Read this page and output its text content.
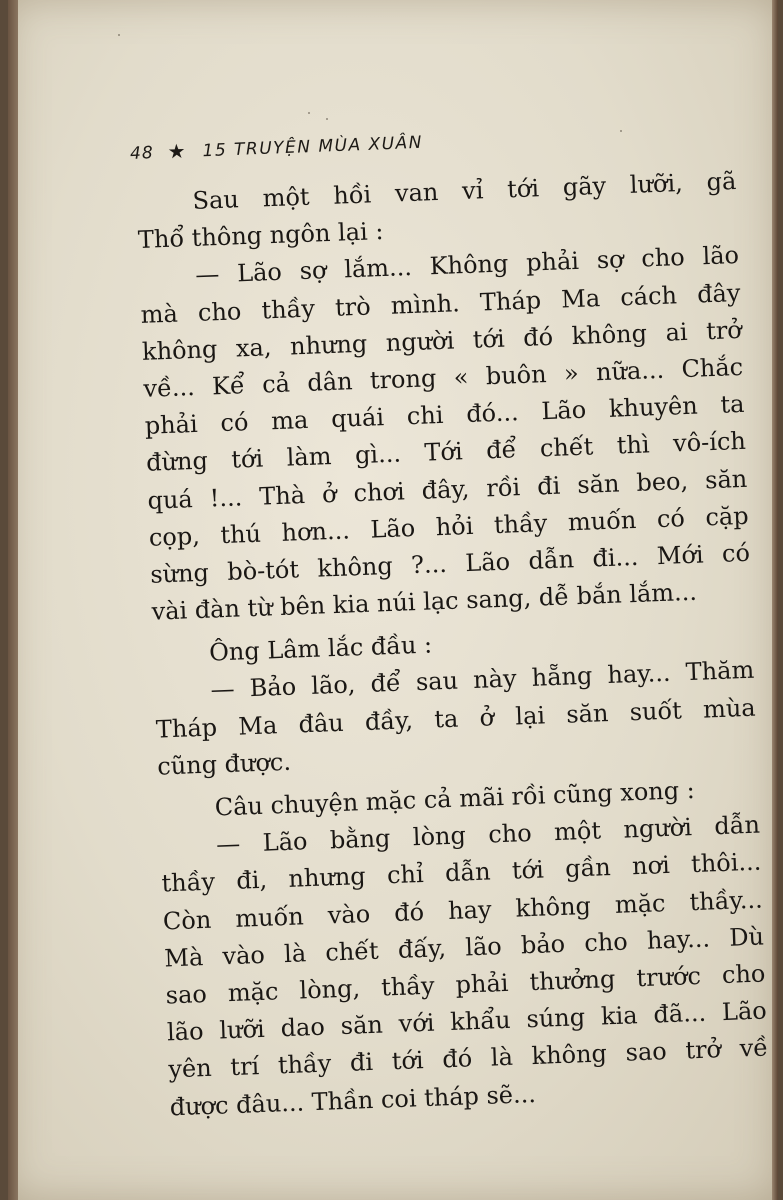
48 ★ 15 TRUYỆN MÙA XUÂN
Sau một hồi van vỉ tới gãy lưỡi, gã
Thổ thông ngôn lại :
— Lão sợ lắm... Không phải sợ cho lão
mà cho thầy trò mình. Tháp Ma cách đây
không xa, nhưng người tới đó không ai trở
về... Kể cả dân trong « buôn » nữa... Chắc
phải có ma quái chi đó... Lão khuyên ta
đừng tới làm gì... Tới để chết thì vô-ích
quá !... Thà ở chơi đây, rồi đi săn beo, săn
cọp, thú hơn... Lão hỏi thầy muốn có cặp
sừng bò-tót không ?... Lão dẫn đi... Mới có
vài đàn từ bên kia núi lạc sang, dễ bắn lắm...
Ông Lâm lắc đầu :
— Bảo lão, để sau này hẵng hay... Thăm
Tháp Ma đâu đầy, ta ở lại săn suốt mùa
cũng được.
Câu chuyện mặc cả mãi rồi cũng xong :
— Lão bằng lòng cho một người dẫn
thầy đi, nhưng chỉ dẫn tới gần nơi thôi...
Còn muốn vào đó hay không mặc thầy...
Mà vào là chết đấy, lão bảo cho hay... Dù
sao mặc lòng, thầy phải thưởng trước cho
lão lưỡi dao săn với khẩu súng kia đã... Lão
yên trí thầy đi tới đó là không sao trở về
được đâu... Thần coi tháp sẽ...
